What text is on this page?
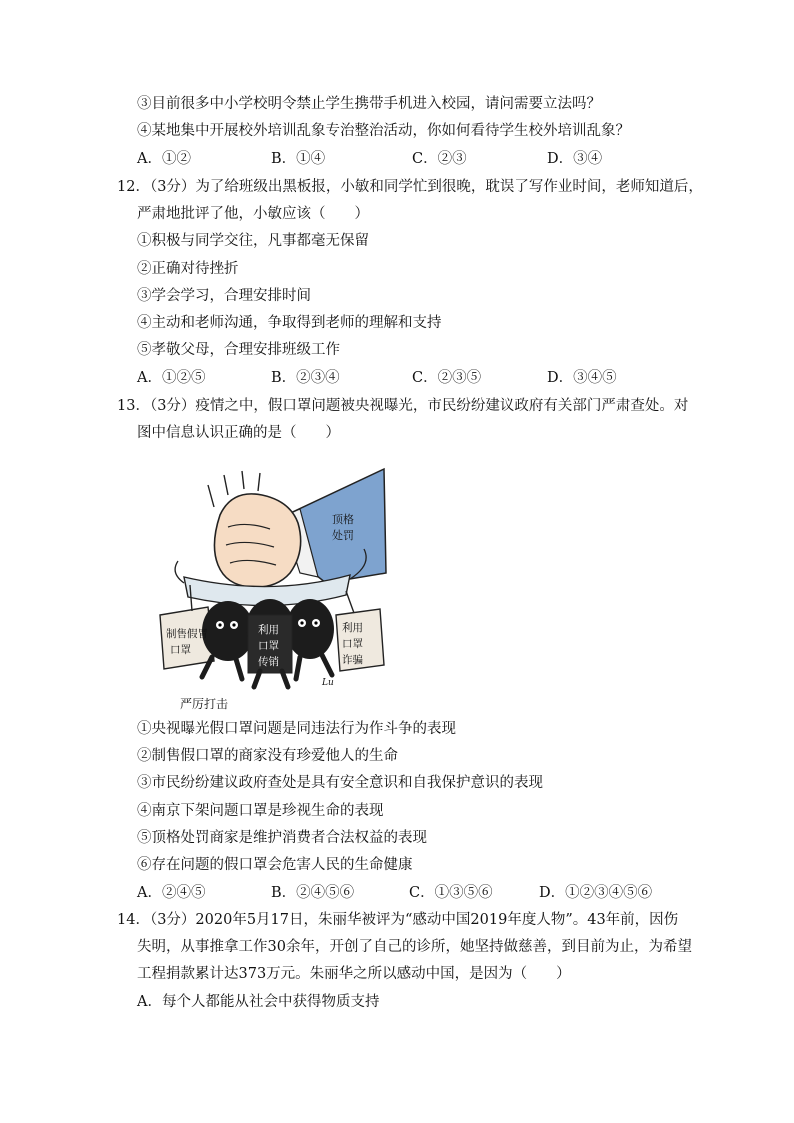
③目前很多中小学校明令禁止学生携带手机进入校园，请问需要立法吗？
④某地集中开展校外培训乱象专治整治活动，你如何看待学生校外培训乱象？
A．①②	B．①④	C．②③	D．③④
12．（3分）为了给班级出黑板报，小敏和同学忙到很晚，耽误了写作业时间，老师知道后，
严肃地批评了他，小敏应该（　　）
①积极与同学交往，凡事都毫无保留
②正确对待挫折
③学会学习，合理安排时间
④主动和老师沟通，争取得到老师的理解和支持
⑤孝敬父母，合理安排班级工作
A．①②⑤	B．②③④	C．②③⑤	D．③④⑤
13．（3分）疫情之中，假口罩问题被央视曝光，市民纷纷建议政府有关部门严肃查处。对
图中信息认识正确的是（　　）
顶格
处罚
制售假冒
口罩
利用
口罩
传销
利用
口罩
诈骗
Lu
严厉打击
①央视曝光假口罩问题是同违法行为作斗争的表现
②制售假口罩的商家没有珍爱他人的生命
③市民纷纷建议政府查处是具有安全意识和自我保护意识的表现
④南京下架问题口罩是珍视生命的表现
⑤顶格处罚商家是维护消费者合法权益的表现
⑥存在问题的假口罩会危害人民的生命健康
A．②④⑤	B．②④⑤⑥	C．①③⑤⑥	D．①②③④⑤⑥
14．（3分）2020年5月17日，朱丽华被评为“感动中国2019年度人物”。43年前，因伤
失明，从事推拿工作30余年，开创了自己的诊所，她坚持做慈善，到目前为止，为希望
工程捐款累计达373万元。朱丽华之所以感动中国，是因为（　　）
A．每个人都能从社会中获得物质支持
